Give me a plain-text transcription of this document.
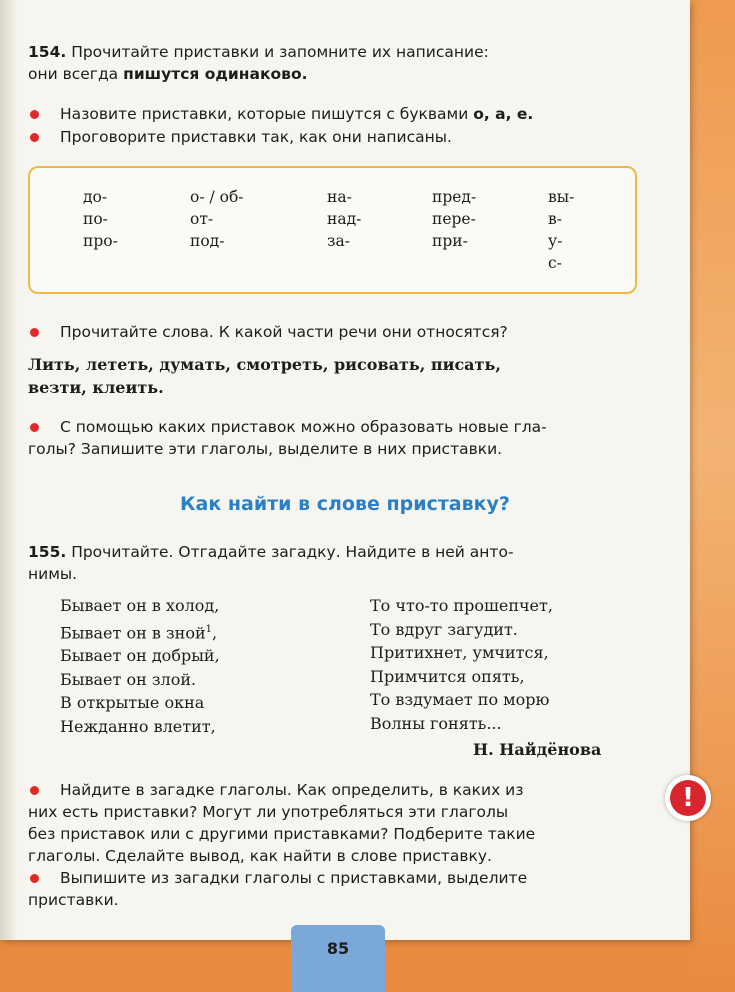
154. Прочитайте приставки и запомните их написание:
они всегда пишутся одинаково.
Назовите приставки, которые пишутся с буквами о, а, е.
Проговорите приставки так, как они написаны.
до-
по-
про-
о- / об-
от-
под-
на-
над-
за-
пред-
пере-
при-
вы-
в-
у-
с-
Прочитайте слова. К какой части речи они относятся?
Лить, лететь, думать, смотреть, рисовать, писать,
везти, клеить.
С помощью каких приставок можно образовать новые гла-
голы? Запишите эти глаголы, выделите в них приставки.
Как найти в слове приставку?
155. Прочитайте. Отгадайте загадку. Найдите в ней анто-
нимы.
Бывает он в холод,
Бывает он в зной$^1$,
Бывает он добрый,
Бывает он злой.
В открытые окна
Нежданно влетит,
То что-то прошепчет,
То вдруг загудит.
Притихнет, умчится,
Примчится опять,
То вздумает по морю
Волны гонять...
Н. Найдёнова
Найдите в загадке глаголы. Как определить, в каких из
них есть приставки? Могут ли употребляться эти глаголы
без приставок или с другими приставками? Подберите такие
глаголы. Сделайте вывод, как найти в слове приставку.
Выпишите из загадки глаголы с приставками, выделите
приставки.
!
85
